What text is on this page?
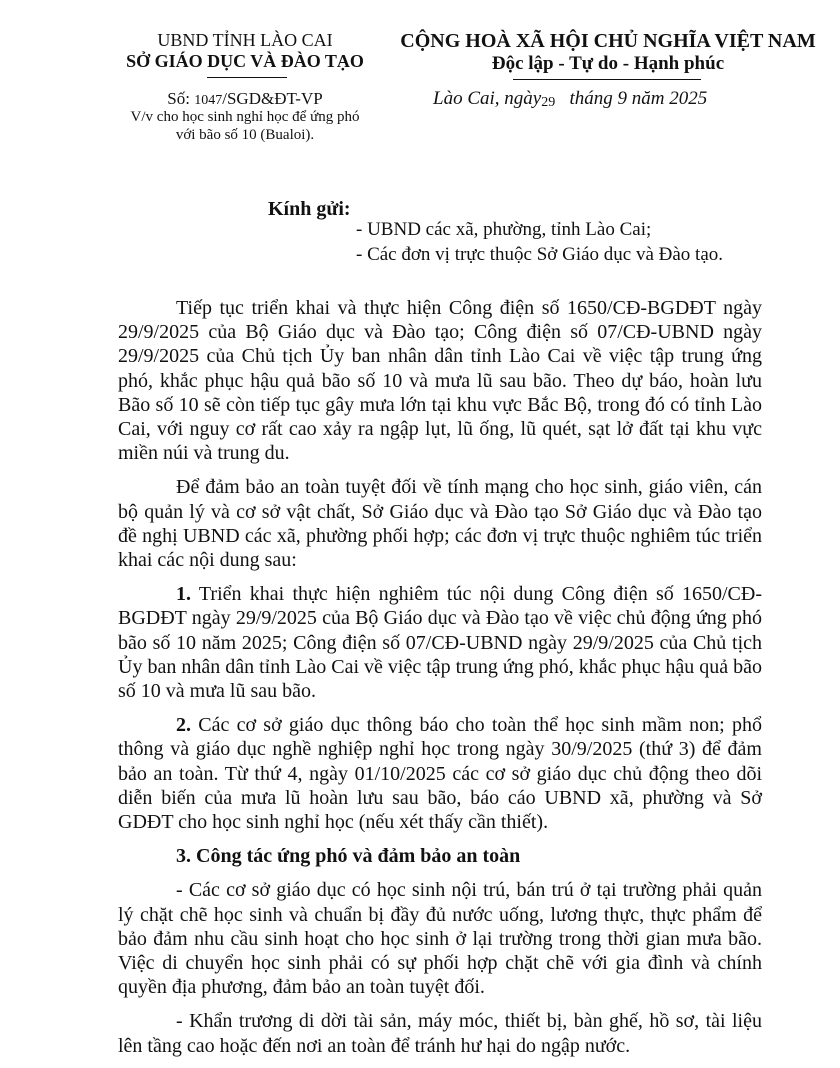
UBND TỈNH LÀO CAI
SỞ GIÁO DỤC VÀ ĐÀO TẠO
CỘNG HOÀ XÃ HỘI CHỦ NGHĨA VIỆT NAM
Độc lập - Tự do - Hạnh phúc
Số: 1047/SGD&ĐT-VP
V/v cho học sinh nghỉ học để ứng phó
với bão số 10 (Bualoi).
Lào Cai, ngày29 tháng 9 năm 2025
Kính gửi:
- UBND các xã, phường, tỉnh Lào Cai;
- Các đơn vị trực thuộc Sở Giáo dục và Đào tạo.

Tiếp tục triển khai và thực hiện Công điện số 1650/CĐ-BGDĐT ngày 29/9/2025 của Bộ Giáo dục và Đào tạo; Công điện số 07/CĐ-UBND ngày 29/9/2025 của Chủ tịch Ủy ban nhân dân tỉnh Lào Cai về việc tập trung ứng phó, khắc phục hậu quả bão số 10 và mưa lũ sau bão. Theo dự báo, hoàn lưu Bão số 10 sẽ còn tiếp tục gây mưa lớn tại khu vực Bắc Bộ, trong đó có tỉnh Lào Cai, với nguy cơ rất cao xảy ra ngập lụt, lũ ống, lũ quét, sạt lở đất tại khu vực miền núi và trung du.

Để đảm bảo an toàn tuyệt đối về tính mạng cho học sinh, giáo viên, cán bộ quản lý và cơ sở vật chất, Sở Giáo dục và Đào tạo Sở Giáo dục và Đào tạo đề nghị UBND các xã, phường phối hợp; các đơn vị trực thuộc nghiêm túc triển khai các nội dung sau:

1. Triển khai thực hiện nghiêm túc nội dung Công điện số 1650/CĐ-BGDĐT ngày 29/9/2025 của Bộ Giáo dục và Đào tạo về việc chủ động ứng phó bão số 10 năm 2025; Công điện số 07/CĐ-UBND ngày 29/9/2025 của Chủ tịch Ủy ban nhân dân tỉnh Lào Cai về việc tập trung ứng phó, khắc phục hậu quả bão số 10 và mưa lũ sau bão.

2. Các cơ sở giáo dục thông báo cho toàn thể học sinh mầm non; phổ thông và giáo dục nghề nghiệp nghỉ học trong ngày 30/9/2025 (thứ 3) để đảm bảo an toàn. Từ thứ 4, ngày 01/10/2025 các cơ sở giáo dục chủ động theo dõi diễn biến của mưa lũ hoàn lưu sau bão, báo cáo UBND xã, phường và Sở GDĐT cho học sinh nghỉ học (nếu xét thấy cần thiết).

3. Công tác ứng phó và đảm bảo an toàn

- Các cơ sở giáo dục có học sinh nội trú, bán trú ở tại trường phải quản lý chặt chẽ học sinh và chuẩn bị đầy đủ nước uống, lương thực, thực phẩm để bảo đảm nhu cầu sinh hoạt cho học sinh ở lại trường trong thời gian mưa bão. Việc di chuyển học sinh phải có sự phối hợp chặt chẽ với gia đình và chính quyền địa phương, đảm bảo an toàn tuyệt đối.

- Khẩn trương di dời tài sản, máy móc, thiết bị, bàn ghế, hồ sơ, tài liệu lên tầng cao hoặc đến nơi an toàn để tránh hư hại do ngập nước.
